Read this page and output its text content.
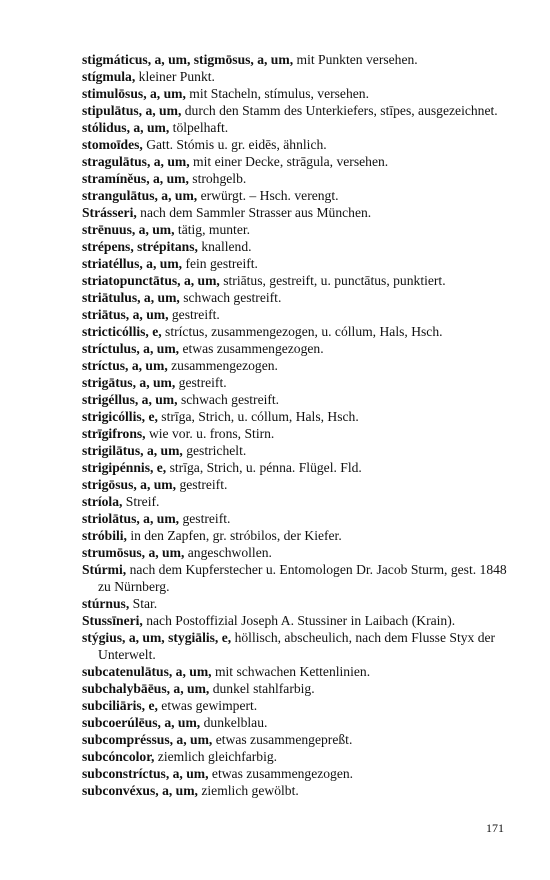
stigmáticus, a, um, stigmōsus, a, um, mit Punkten versehen.

stígmula, kleiner Punkt.

stimulōsus, a, um, mit Stacheln, stímulus, versehen.

stipulātus, a, um, durch den Stamm des Unterkiefers, stīpes, ausgezeichnet.

stólidus, a, um, tölpelhaft.

stomoīdes, Gatt. Stómis u. gr. eidēs, ähnlich.

stragulātus, a, um, mit einer Decke, strāgula, versehen.

stramíněus, a, um, strohgelb.

strangulātus, a, um, erwürgt. – Hsch. verengt.

Strásseri, nach dem Sammler Strasser aus München.

strēnuus, a, um, tätig, munter.

strépens, strépitans, knallend.

striatéllus, a, um, fein gestreift.

striatopunctātus, a, um, striātus, gestreift, u. punctātus, punktiert.

striātulus, a, um, schwach gestreift.

striātus, a, um, gestreift.

stricticóllis, e, stríctus, zusammengezogen, u. cóllum, Hals, Hsch.

stríctulus, a, um, etwas zusammengezogen.

stríctus, a, um, zusammengezogen.

strigātus, a, um, gestreift.

strigéllus, a, um, schwach gestreift.

strigicóllis, e, strīga, Strich, u. cóllum, Hals, Hsch.

strīgifrons, wie vor. u. frons, Stirn.

strigilātus, a, um, gestrichelt.

strigipénnis, e, strīga, Strich, u. pénna. Flügel. Fld.

strigōsus, a, um, gestreift.

stríola, Streif.

striolātus, a, um, gestreift.

stróbili, in den Zapfen, gr. stróbilos, der Kiefer.

strumōsus, a, um, angeschwollen.

Stúrmi, nach dem Kupferstecher u. Entomologen Dr. Jacob Sturm, gest. 1848 zu Nürnberg.

stúrnus, Star.

Stussīneri, nach Postoffizial Joseph A. Stussiner in Laibach (Krain).

stýgius, a, um, stygiālis, e, höllisch, abscheulich, nach dem Flusse Styx der Unterwelt.

subcatenulātus, a, um, mit schwachen Kettenlinien.

subchalybāēus, a, um, dunkel stahlfarbig.

subciliāris, e, etwas gewimpert.

subcoerúlēus, a, um, dunkelblau.

subcompréssus, a, um, etwas zusammengepreßt.

subcóncolor, ziemlich gleichfarbig.

subconstríctus, a, um, etwas zusammengezogen.

subconvéxus, a, um, ziemlich gewölbt.

171
